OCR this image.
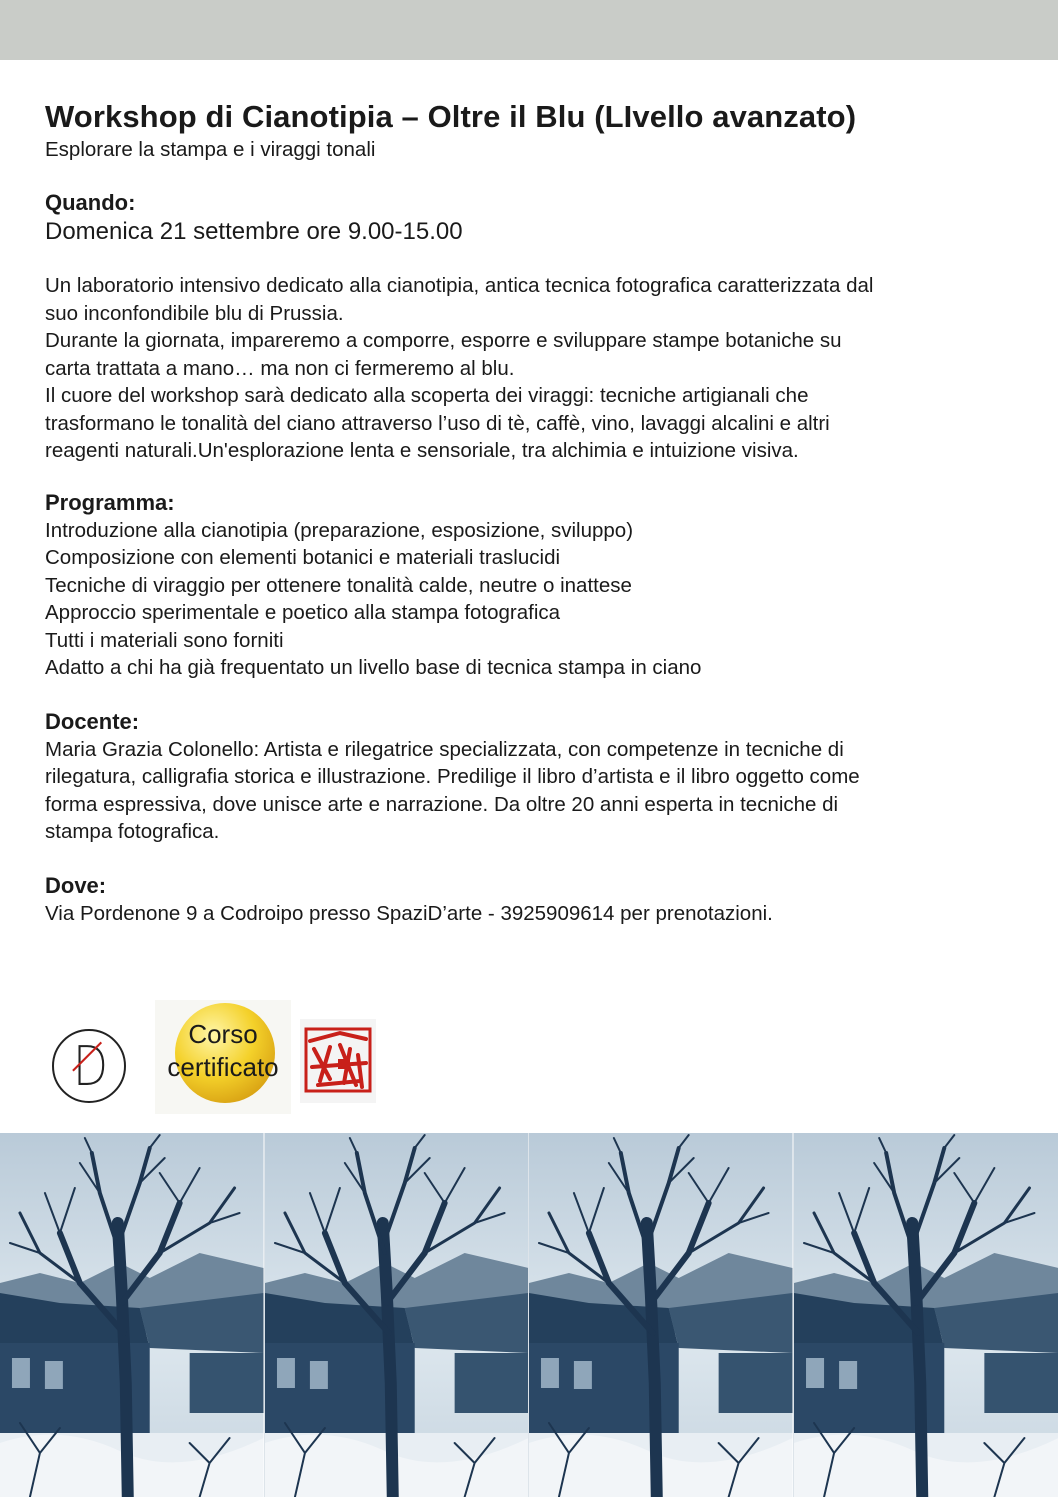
Workshop di Cianotipia – Oltre il Blu (LIvello avanzato)

Esplorare la stampa e i viraggi tonali

Quando:

Domenica 21 settembre ore 9.00-15.00

Un laboratorio intensivo dedicato alla cianotipia, antica tecnica fotografica caratterizzata dal
suo inconfondibile blu di Prussia.
Durante la giornata, impareremo a comporre, esporre e sviluppare stampe botaniche su
carta trattata a mano… ma non ci fermeremo al blu.
Il cuore del workshop sarà dedicato alla scoperta dei viraggi: tecniche artigianali che
trasformano le tonalità del ciano attraverso l’uso di tè, caffè, vino, lavaggi alcalini e altri
reagenti naturali.Un'esplorazione lenta e sensoriale, tra alchimia e intuizione visiva.

Programma:
Introduzione alla cianotipia (preparazione, esposizione, sviluppo)
Composizione con elementi botanici e materiali traslucidi
Tecniche di viraggio per ottenere tonalità calde, neutre o inattese
Approccio sperimentale e poetico alla stampa fotografica
Tutti i materiali sono forniti
Adatto a chi ha già frequentato un livello base di tecnica stampa in ciano
Docente:

Maria Grazia Colonello: Artista e rilegatrice specializzata, con competenze in tecniche di
rilegatura, calligrafia storica e illustrazione. Predilige il libro d’artista e il libro oggetto come
forma espressiva, dove unisce arte e narrazione. Da oltre 20 anni esperta in tecniche di
stampa fotografica.

Dove:

Via Pordenone 9 a Codroipo presso SpaziD’arte - 3925909614 per prenotazioni.

Corso
certificato
